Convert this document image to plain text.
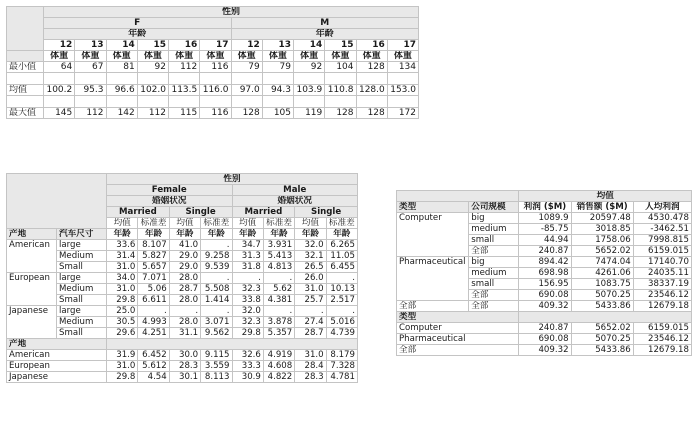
	性别											
	F						M					
	年龄						年龄					
	12	13	14	15	16	17	12	13	14	15	16	17
	体重	体重	体重	体重	体重	体重	体重	体重	体重	体重	体重	体重
最小值	64	67	81	92	112	116	79	79	92	104	128	134

均值	100.2	95.3	96.6	102.0	113.5	116.0	97.0	94.3	103.9	110.8	128.0	153.0

最大值	145	112	142	112	115	116	128	105	119	128	128	172
		性别							
		Female				Male			
		婚姻状况				婚姻状况			
		Married		Single		Married		Single	
		均值	标准差	均值	标准差	均值	标准差	均值	标准差
产地	汽车尺寸	年龄	年龄	年龄	年龄	年龄	年龄	年龄	年龄
American	large	33.6	8.107	41.0	.	34.7	3.931	32.0	6.265
	Medium	31.4	5.827	29.0	9.258	31.3	5.413	32.1	11.05
	Small	31.0	5.657	29.0	9.539	31.8	4.813	26.5	6.455
European	large	34.0	7.071	28.0	.	.	.	26.0	.
	Medium	31.0	5.06	28.7	5.508	32.3	5.62	31.0	10.13
	Small	29.8	6.611	28.0	1.414	33.8	4.381	25.7	2.517
Japanese	large	25.0	.	.	.	32.0	.	.	.
	Medium	30.5	4.993	28.0	3.071	32.3	3.878	27.4	5.016
	Small	29.6	4.251	31.1	9.562	29.8	5.357	28.7	4.739
产地									
American		31.9	6.452	30.0	9.115	32.6	4.919	31.0	8.179
European		31.0	5.612	28.3	3.559	33.3	4.608	28.4	7.328
Japanese		29.8	4.54	30.1	8.113	30.9	4.822	28.3	4.781
		均值		
类型	公司规模	利润 ($M)	销售额 ($M)	人均利润
Computer	big	1089.9	20597.48	4530.478
	medium	-85.75	3018.85	-3462.51
	small	44.94	1758.06	7998.815
	全部	240.87	5652.02	6159.015
Pharmaceutical	big	894.42	7474.04	17140.70
	medium	698.98	4261.06	24035.11
	small	156.95	1083.75	38337.19
	全部	690.08	5070.25	23546.12
全部	全部	409.32	5433.86	12679.18
类型				
Computer		240.87	5652.02	6159.015
Pharmaceutical		690.08	5070.25	23546.12
全部		409.32	5433.86	12679.18
